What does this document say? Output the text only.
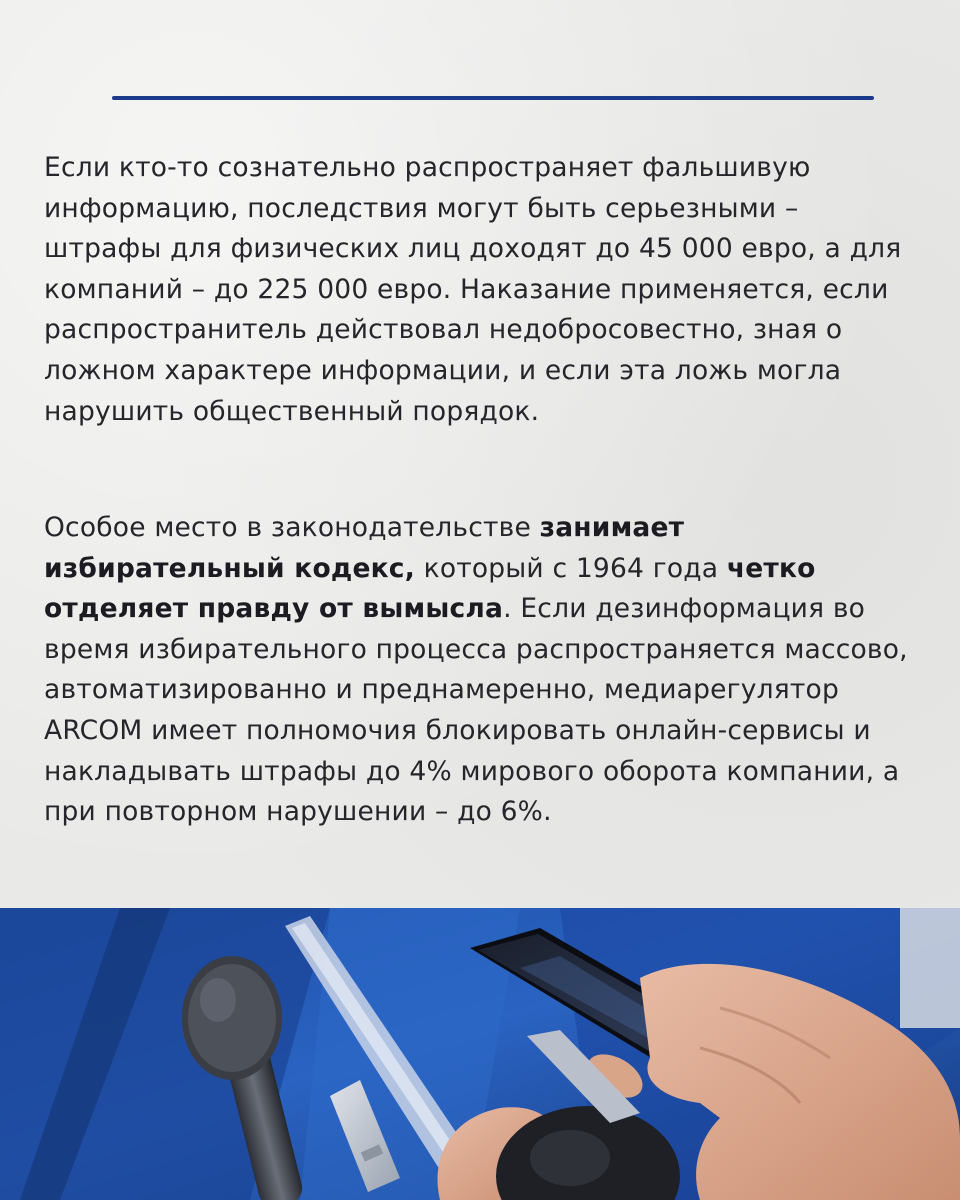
Если кто-то сознательно распространяет фальшивую информацию, последствия могут быть серьезными – штрафы для физических лиц доходят до 45 000 евро, а для компаний – до 225 000 евро. Наказание применяется, если распространитель действовал недобросовестно, зная о ложном характере информации, и если эта ложь могла нарушить общественный порядок.

Особое место в законодательстве занимает избирательный кодекс, который с 1964 года четко отделяет правду от вымысла. Если дезинформация во время избирательного процесса распространяется массово, автоматизированно и преднамеренно, медиарегулятор ARCOM имеет полномочия блокировать онлайн-сервисы и накладывать штрафы до 4% мирового оборота компании, а при повторном нарушении – до 6%.
